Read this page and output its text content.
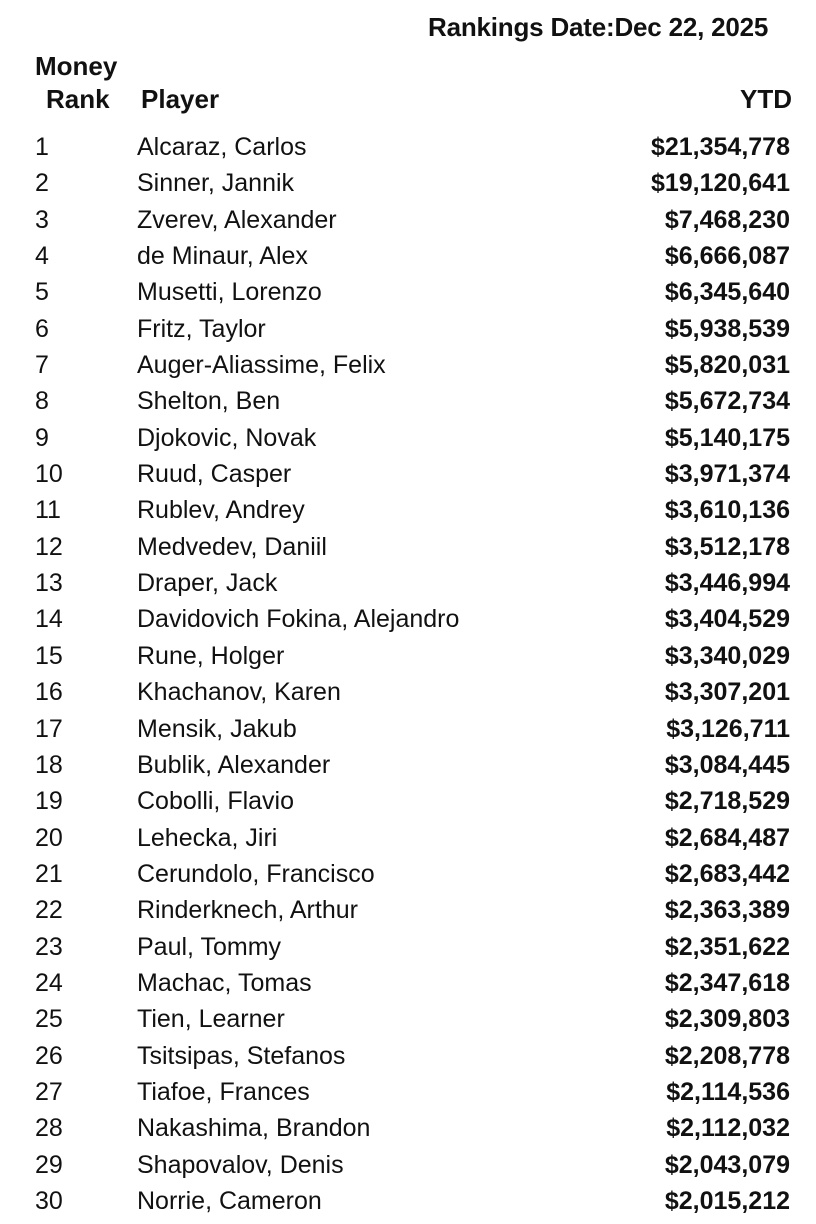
Rankings Date:Dec 22, 2025
Money
Rank Player	YTD
1	Alcaraz, Carlos	$21,354,778
2	Sinner, Jannik	$19,120,641
3	Zverev, Alexander	$7,468,230
4	de Minaur, Alex	$6,666,087
5	Musetti, Lorenzo	$6,345,640
6	Fritz, Taylor	$5,938,539
7	Auger-Aliassime, Felix	$5,820,031
8	Shelton, Ben	$5,672,734
9	Djokovic, Novak	$5,140,175
10	Ruud, Casper	$3,971,374
11	Rublev, Andrey	$3,610,136
12	Medvedev, Daniil	$3,512,178
13	Draper, Jack	$3,446,994
14	Davidovich Fokina, Alejandro	$3,404,529
15	Rune, Holger	$3,340,029
16	Khachanov, Karen	$3,307,201
17	Mensik, Jakub	$3,126,711
18	Bublik, Alexander	$3,084,445
19	Cobolli, Flavio	$2,718,529
20	Lehecka, Jiri	$2,684,487
21	Cerundolo, Francisco	$2,683,442
22	Rinderknech, Arthur	$2,363,389
23	Paul, Tommy	$2,351,622
24	Machac, Tomas	$2,347,618
25	Tien, Learner	$2,309,803
26	Tsitsipas, Stefanos	$2,208,778
27	Tiafoe, Frances	$2,114,536
28	Nakashima, Brandon	$2,112,032
29	Shapovalov, Denis	$2,043,079
30	Norrie, Cameron	$2,015,212
